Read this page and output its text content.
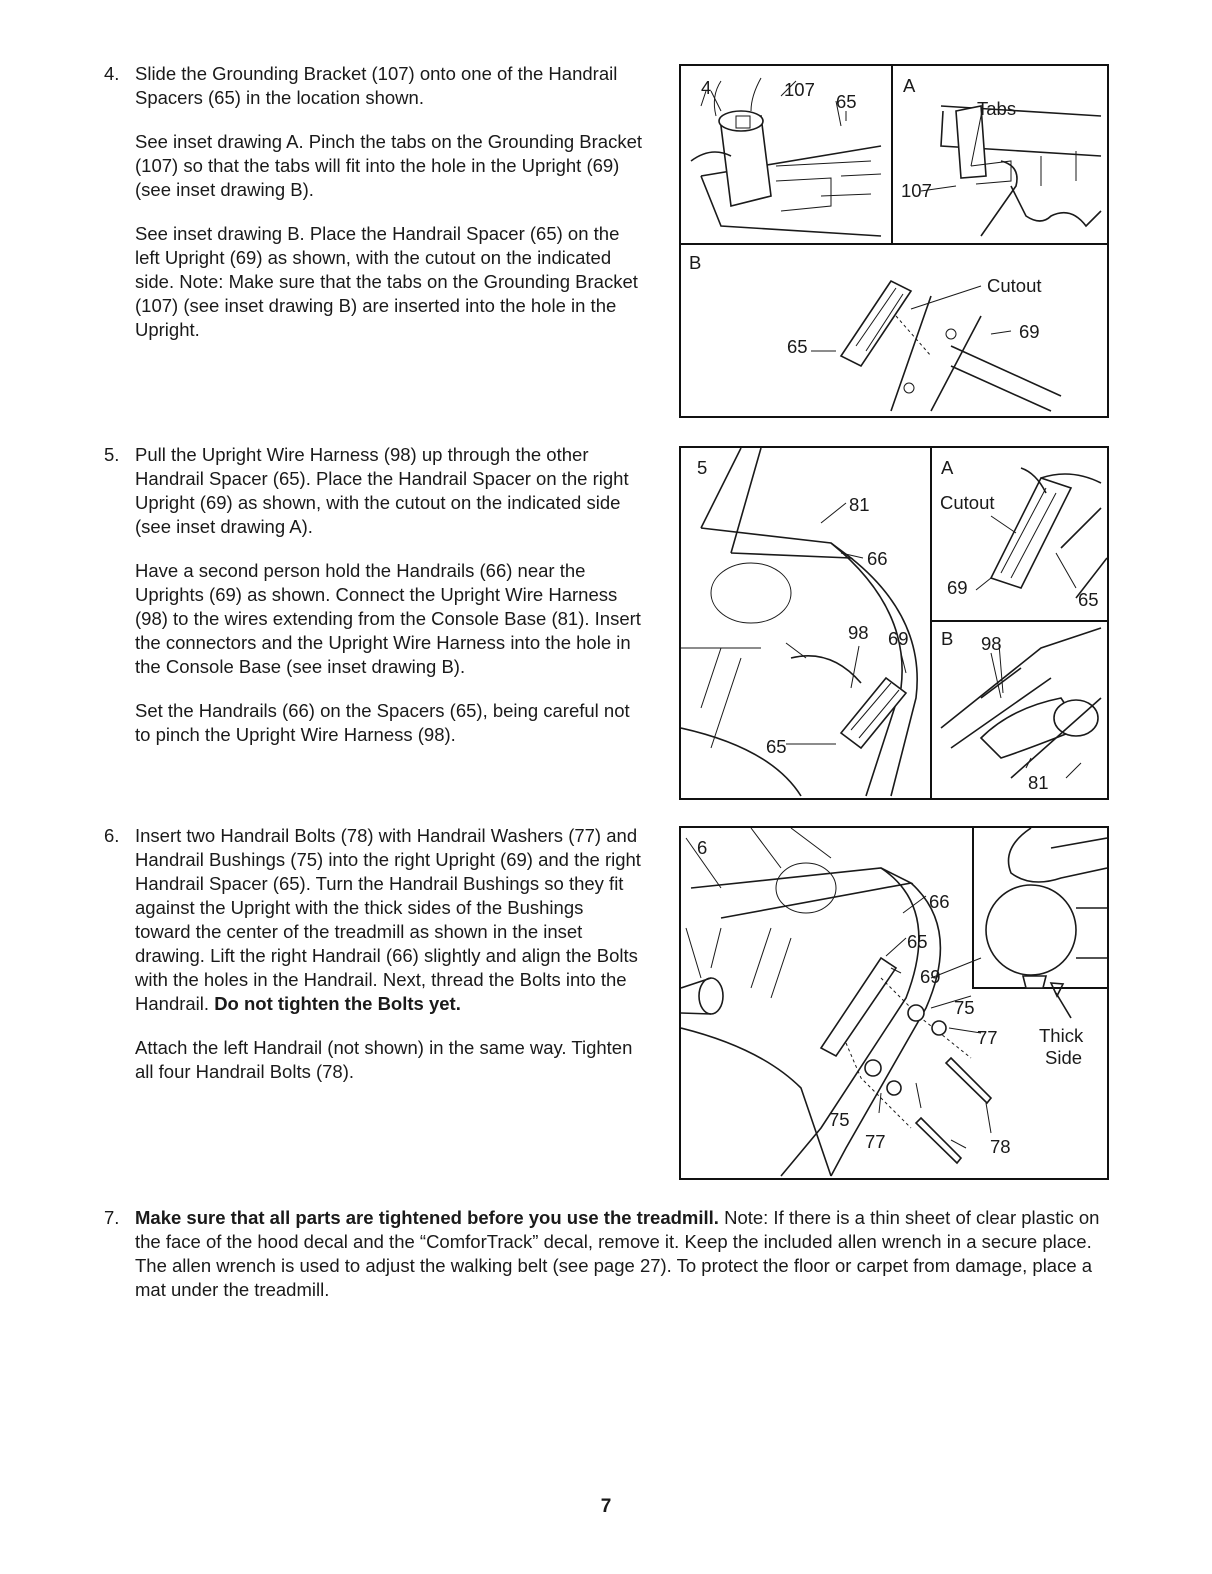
4. Slide the Grounding Bracket (107) onto one of the Handrail Spacers (65) in the location shown.

See inset drawing A. Pinch the tabs on the Grounding Bracket (107) so that the tabs will fit into the hole in the Upright (69) (see inset drawing B).

See inset drawing B. Place the Handrail Spacer (65) on the left Upright (69) as shown, with the cutout on the indicated side. Note: Make sure that the tabs on the Grounding Bracket (107) (see inset drawing B) are inserted into the hole in the Upright.

5. Pull the Upright Wire Harness (98) up through the other Handrail Spacer (65). Place the Handrail Spacer on the right Upright (69) as shown, with the cutout on the indicated side (see inset drawing A).

Have a second person hold the Handrails (66) near the Uprights (69) as shown. Connect the Upright Wire Harness (98) to the wires extending from the Console Base (81). Insert the connectors and the Upright Wire Harness into the hole in the Console Base (see inset drawing B).

Set the Handrails (66) on the Spacers (65), being careful not to pinch the Upright Wire Harness (98).

6. Insert two Handrail Bolts (78) with Handrail Washers (77) and Handrail Bushings (75) into the right Upright (69) and the right Handrail Spacer (65). Turn the Handrail Bushings so they fit against the Upright with the thick sides of the Bushings toward the center of the treadmill as shown in the inset drawing. Lift the right Handrail (66) slightly and align the Bolts with the holes in the Handrail. Next, thread the Bolts into the Handrail. Do not tighten the Bolts yet.

Attach the left Handrail (not shown) in the same way. Tighten all four Handrail Bolts (78).

4	107
65
A
Tabs
107
B
Cutout
69
65
5
81
66
98 69
65
A
Cutout
69
65
B 98
81
6
66
65
69
75
77 Thick
Side
75
77	78
7. Make sure that all parts are tightened before you use the treadmill. Note: If there is a thin sheet of clear plastic on the face of the hood decal and the “ComforTrack” decal, remove it. Keep the included allen wrench in a secure place. The allen wrench is used to adjust the walking belt (see page 27). To protect the floor or carpet from damage, place a mat under the treadmill.

7
